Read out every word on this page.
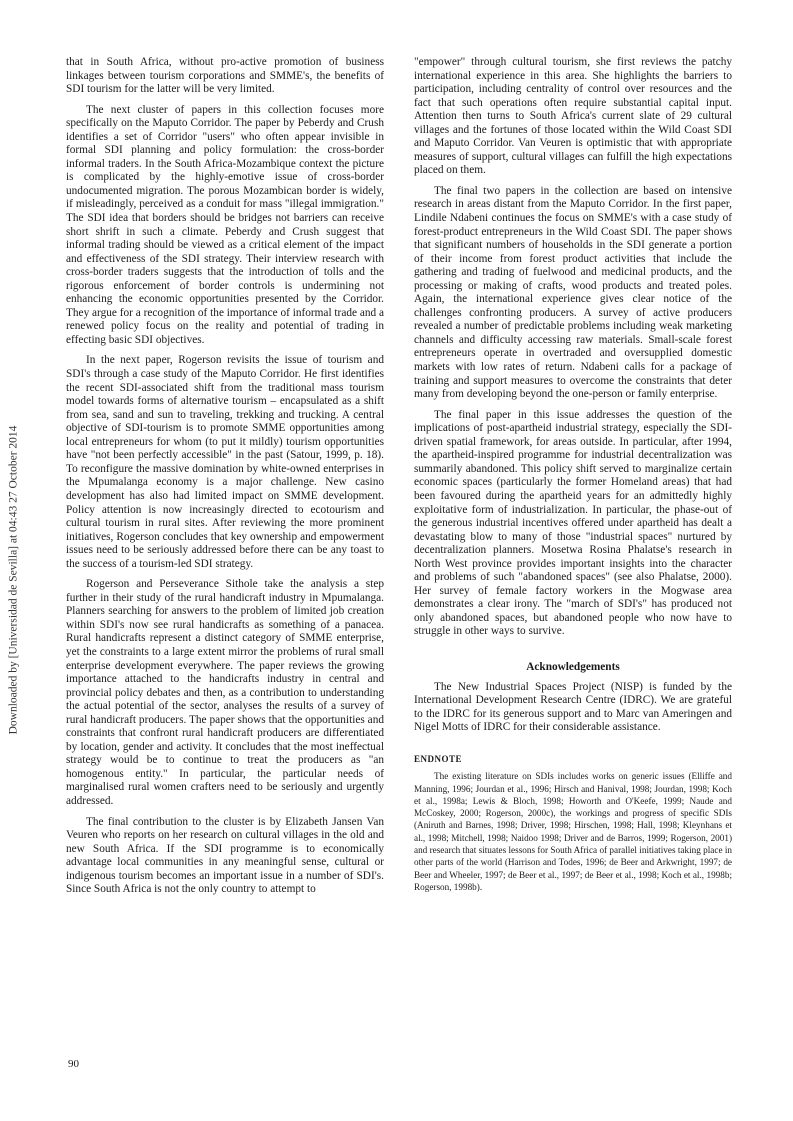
Downloaded by [Universidad de Sevilla] at 04:43 27 October 2014

that in South Africa, without pro-active promotion of business linkages between tourism corporations and SMME's, the benefits of SDI tourism for the latter will be very limited.

The next cluster of papers in this collection focuses more specifically on the Maputo Corridor. The paper by Peberdy and Crush identifies a set of Corridor "users" who often appear invisible in formal SDI planning and policy formulation: the cross-border informal traders. In the South Africa-Mozambique context the picture is complicated by the highly-emotive issue of cross-border undocumented migration. The porous Mozambican border is widely, if misleadingly, perceived as a conduit for mass "illegal immigration." The SDI idea that borders should be bridges not barriers can receive short shrift in such a climate. Peberdy and Crush suggest that informal trading should be viewed as a critical element of the impact and effectiveness of the SDI strategy. Their interview research with cross-border traders suggests that the introduction of tolls and the rigorous enforcement of border controls is undermining not enhancing the economic opportunities presented by the Corridor. They argue for a recognition of the importance of informal trade and a renewed policy focus on the reality and potential of trading in effecting basic SDI objectives.

In the next paper, Rogerson revisits the issue of tourism and SDI's through a case study of the Maputo Corridor. He first identifies the recent SDI-associated shift from the traditional mass tourism model towards forms of alternative tourism – encapsulated as a shift from sea, sand and sun to traveling, trekking and trucking. A central objective of SDI-tourism is to promote SMME opportunities among local entrepreneurs for whom (to put it mildly) tourism opportunities have "not been perfectly accessible" in the past (Satour, 1999, p. 18). To reconfigure the massive domination by white-owned enterprises in the Mpumalanga economy is a major challenge. New casino development has also had limited impact on SMME development. Policy attention is now increasingly directed to ecotourism and cultural tourism in rural sites. After reviewing the more prominent initiatives, Rogerson concludes that key ownership and empowerment issues need to be seriously addressed before there can be any toast to the success of a tourism-led SDI strategy.

Rogerson and Perseverance Sithole take the analysis a step further in their study of the rural handicraft industry in Mpumalanga. Planners searching for answers to the problem of limited job creation within SDI's now see rural handicrafts as something of a panacea. Rural handicrafts represent a distinct category of SMME enterprise, yet the constraints to a large extent mirror the problems of rural small enterprise development everywhere. The paper reviews the growing importance attached to the handicrafts industry in central and provincial policy debates and then, as a contribution to understanding the actual potential of the sector, analyses the results of a survey of rural handicraft producers. The paper shows that the opportunities and constraints that confront rural handicraft producers are differentiated by location, gender and activity. It concludes that the most ineffectual strategy would be to continue to treat the producers as "an homogenous entity." In particular, the particular needs of marginalised rural women crafters need to be seriously and urgently addressed.

The final contribution to the cluster is by Elizabeth Jansen Van Veuren who reports on her research on cultural villages in the old and new South Africa. If the SDI programme is to economically advantage local communities in any meaningful sense, cultural or indigenous tourism becomes an important issue in a number of SDI's. Since South Africa is not the only country to attempt to

"empower" through cultural tourism, she first reviews the patchy international experience in this area. She highlights the barriers to participation, including centrality of control over resources and the fact that such operations often require substantial capital input. Attention then turns to South Africa's current slate of 29 cultural villages and the fortunes of those located within the Wild Coast SDI and Maputo Corridor. Van Veuren is optimistic that with appropriate measures of support, cultural villages can fulfill the high expectations placed on them.

The final two papers in the collection are based on intensive research in areas distant from the Maputo Corridor. In the first paper, Lindile Ndabeni continues the focus on SMME's with a case study of forest-product entrepreneurs in the Wild Coast SDI. The paper shows that significant numbers of households in the SDI generate a portion of their income from forest product activities that include the gathering and trading of fuelwood and medicinal products, and the processing or making of crafts, wood products and treated poles. Again, the international experience gives clear notice of the challenges confronting producers. A survey of active producers revealed a number of predictable problems including weak marketing channels and difficulty accessing raw materials. Small-scale forest entrepreneurs operate in overtraded and oversupplied domestic markets with low rates of return. Ndabeni calls for a package of training and support measures to overcome the constraints that deter many from developing beyond the one-person or family enterprise.

The final paper in this issue addresses the question of the implications of post-apartheid industrial strategy, especially the SDI-driven spatial framework, for areas outside. In particular, after 1994, the apartheid-inspired programme for industrial decentralization was summarily abandoned. This policy shift served to marginalize certain economic spaces (particularly the former Homeland areas) that had been favoured during the apartheid years for an admittedly highly exploitative form of industrialization. In particular, the phase-out of the generous industrial incentives offered under apartheid has dealt a devastating blow to many of those "industrial spaces" nurtured by decentralization planners. Mosetwa Rosina Phalatse's research in North West province provides important insights into the character and problems of such "abandoned spaces" (see also Phalatse, 2000). Her survey of female factory workers in the Mogwase area demonstrates a clear irony. The "march of SDI's" has produced not only abandoned spaces, but abandoned people who now have to struggle in other ways to survive.

Acknowledgements

The New Industrial Spaces Project (NISP) is funded by the International Development Research Centre (IDRC). We are grateful to the IDRC for its generous support and to Marc van Ameringen and Nigel Motts of IDRC for their considerable assistance.

ENDNOTE

The existing literature on SDIs includes works on generic issues (Elliffe and Manning, 1996; Jourdan et al., 1996; Hirsch and Hanival, 1998; Jourdan, 1998; Koch et al., 1998a; Lewis & Bloch, 1998; Howorth and O'Keefe, 1999; Naude and McCoskey, 2000; Rogerson, 2000c), the workings and progress of specific SDIs (Aniruth and Barnes, 1998; Driver, 1998; Hirschen, 1998; Hall, 1998; Kleynhans et al., 1998; Mitchell, 1998; Naidoo 1998; Driver and de Barros, 1999; Rogerson, 2001) and research that situates lessons for South Africa of parallel initiatives taking place in other parts of the world (Harrison and Todes, 1996; de Beer and Arkwright, 1997; de Beer and Wheeler, 1997; de Beer et al., 1997; de Beer et al., 1998; Koch et al., 1998b; Rogerson, 1998b).

90
